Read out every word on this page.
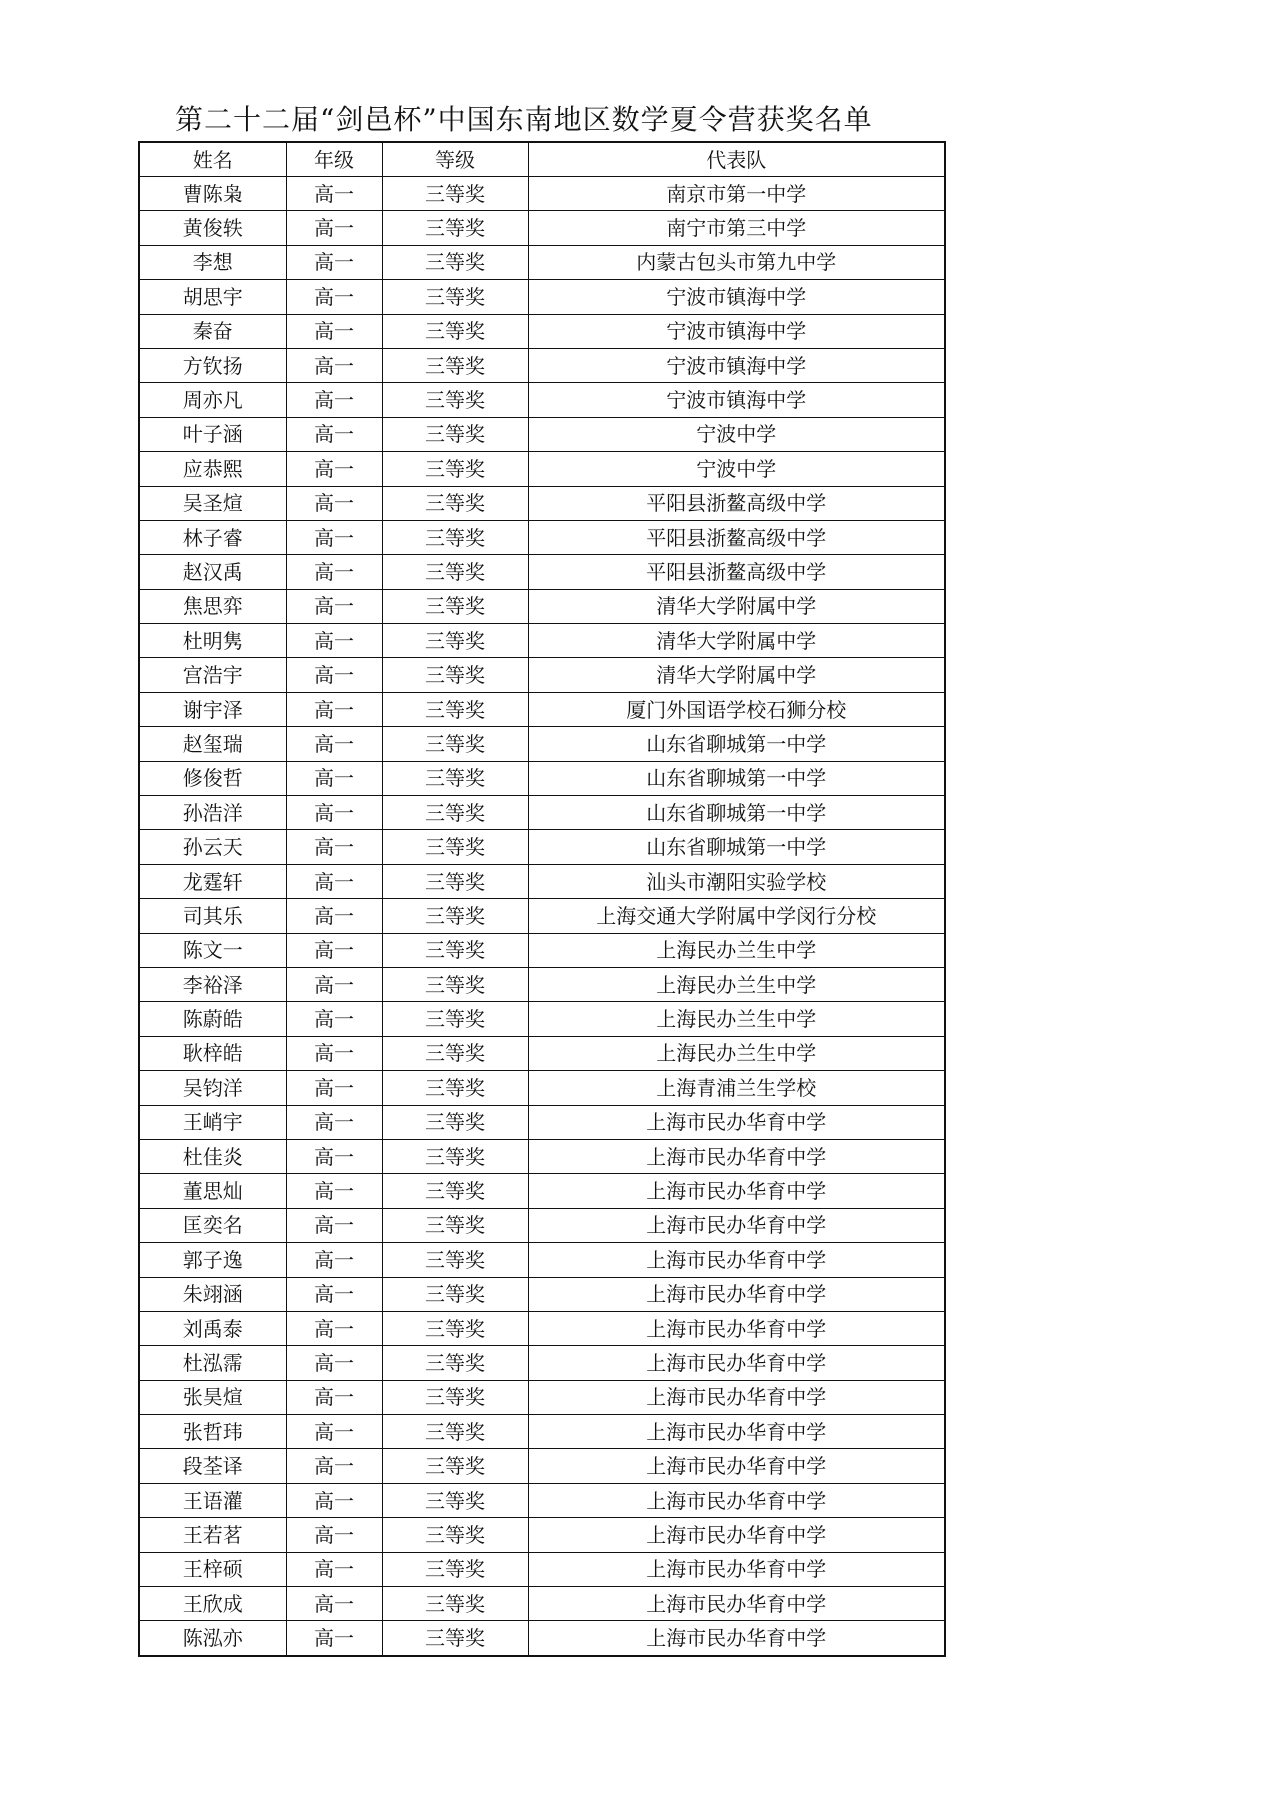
第二十二届“剑邑杯”中国东南地区数学夏令营获奖名单
姓名	年级	等级	代表队
曹陈枭	高一	三等奖	南京市第一中学
黄俊轶	高一	三等奖	南宁市第三中学
李想	高一	三等奖	内蒙古包头市第九中学
胡思宇	高一	三等奖	宁波市镇海中学
秦奋	高一	三等奖	宁波市镇海中学
方钦扬	高一	三等奖	宁波市镇海中学
周亦凡	高一	三等奖	宁波市镇海中学
叶子涵	高一	三等奖	宁波中学
应恭熙	高一	三等奖	宁波中学
吴圣煊	高一	三等奖	平阳县浙鳌高级中学
林子睿	高一	三等奖	平阳县浙鳌高级中学
赵汉禹	高一	三等奖	平阳县浙鳌高级中学
焦思弈	高一	三等奖	清华大学附属中学
杜明隽	高一	三等奖	清华大学附属中学
宫浩宇	高一	三等奖	清华大学附属中学
谢宇泽	高一	三等奖	厦门外国语学校石狮分校
赵玺瑞	高一	三等奖	山东省聊城第一中学
修俊哲	高一	三等奖	山东省聊城第一中学
孙浩洋	高一	三等奖	山东省聊城第一中学
孙云天	高一	三等奖	山东省聊城第一中学
龙霆轩	高一	三等奖	汕头市潮阳实验学校
司其乐	高一	三等奖	上海交通大学附属中学闵行分校
陈文一	高一	三等奖	上海民办兰生中学
李裕泽	高一	三等奖	上海民办兰生中学
陈蔚皓	高一	三等奖	上海民办兰生中学
耿梓皓	高一	三等奖	上海民办兰生中学
吴钧洋	高一	三等奖	上海青浦兰生学校
王峭宇	高一	三等奖	上海市民办华育中学
杜佳炎	高一	三等奖	上海市民办华育中学
董思灿	高一	三等奖	上海市民办华育中学
匡奕名	高一	三等奖	上海市民办华育中学
郭子逸	高一	三等奖	上海市民办华育中学
朱翊涵	高一	三等奖	上海市民办华育中学
刘禹泰	高一	三等奖	上海市民办华育中学
杜泓霈	高一	三等奖	上海市民办华育中学
张昊煊	高一	三等奖	上海市民办华育中学
张哲玮	高一	三等奖	上海市民办华育中学
段荃译	高一	三等奖	上海市民办华育中学
王语灌	高一	三等奖	上海市民办华育中学
王若茗	高一	三等奖	上海市民办华育中学
王梓硕	高一	三等奖	上海市民办华育中学
王欣成	高一	三等奖	上海市民办华育中学
陈泓亦	高一	三等奖	上海市民办华育中学
